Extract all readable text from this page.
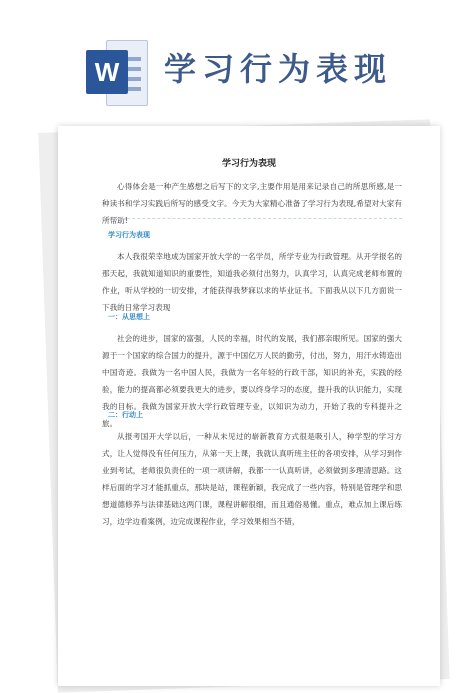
W 学习行为表现
学习行为表现
心得体会是一种产生感想之后写下的文字,主要作用是用来记录自己的所思所感,是一种读书和学习实践后所写的感受文字。今天为大家精心准备了学习行为表现,希望对大家有所帮助!
学习行为表现
本人我很荣幸地成为国家开放大学的一名学员，所学专业为行政管理。从开学报名的那天起，我就知道知识的重要性，知道我必须付出努力，认真学习，认真完成老师布置的作业，听从学校的一切安排，才能获得我梦寐以求的毕业证书。下面我从以下几方面说一下我的日常学习表现
一：从思想上
社会的进步，国家的富强，人民的幸福，时代的发展，我们都亲眼所见。国家的强大源于一个国家的综合国力的提升，源于中国亿万人民的勤劳，付出，努力，用汗水铸造出中国奇迹。我做为一名中国人民，我做为一名年轻的行政干部，知识的补充，实践的经验，能力的提高都必须要我更大的进步，要以终身学习的态度，提升我的认识能力，实现我的目标。我做为国家开放大学行政管理专业，以知识为动力，开始了我的专科提升之旅。
二：行动上
从报考国开大学以后，一种从未见过的崭新教育方式很是吸引人，种学型的学习方式，让人觉得没有任何压力，从第一天上课，我就认真听班主任的各项安排，从学习到作业到考试，老师很负责任的一项一项讲解，我都一一认真听讲，必须做到多理清思路。这样后面的学习才能抓重点，那块是站，课程新颖，我完成了一些内容，特别是管理学和思想道德修养与法律基础这两门课，课程讲解很细，而且通俗易懂。重点，难点加上课后练习，边学边看案例，边完成课程作业，学习效果相当不错，
